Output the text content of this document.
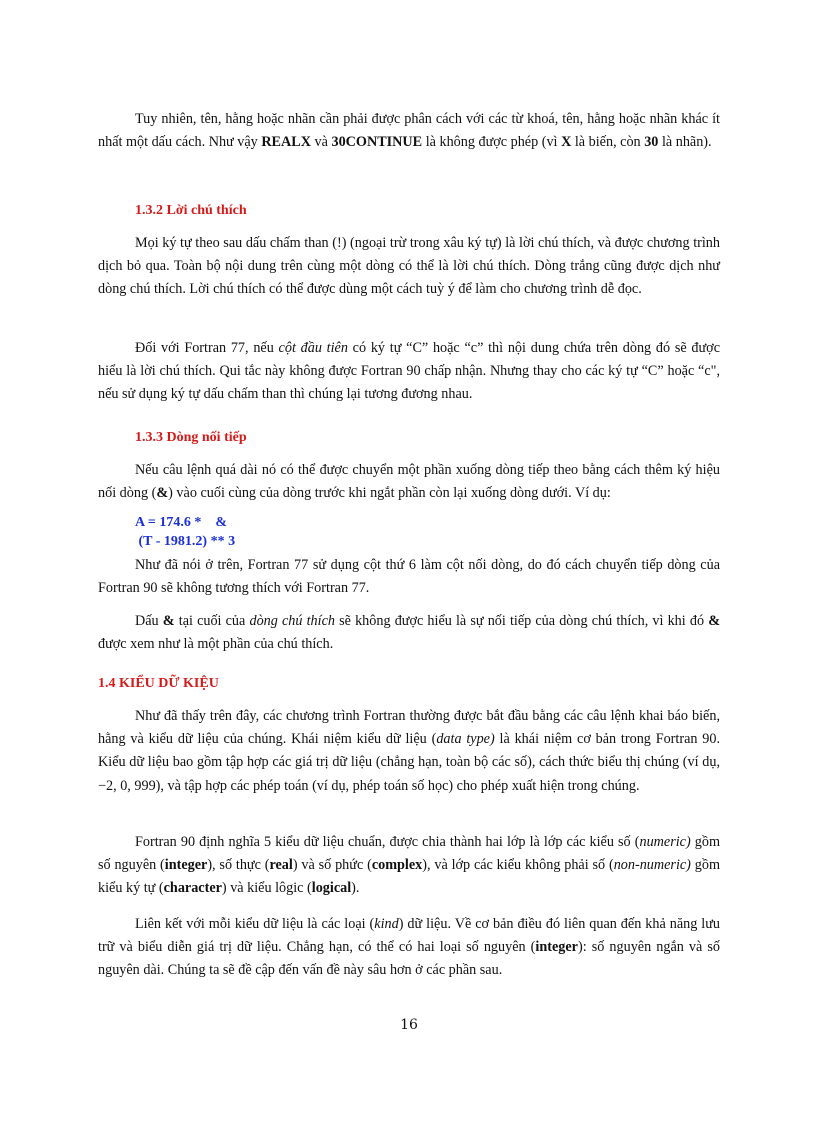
Tuy nhiên, tên, hằng hoặc nhãn cần phải được phân cách với các từ khoá, tên, hằng hoặc nhãn khác ít nhất một dấu cách. Như vậy REALX và 30CONTINUE là không được phép (vì X là biến, còn 30 là nhãn).

1.3.2 Lời chú thích

Mọi ký tự theo sau dấu chấm than (!) (ngoại trừ trong xâu ký tự) là lời chú thích, và được chương trình dịch bỏ qua. Toàn bộ nội dung trên cùng một dòng có thể là lời chú thích. Dòng trắng cũng được dịch như dòng chú thích. Lời chú thích có thể được dùng một cách tuỳ ý để làm cho chương trình dễ đọc.

Đối với Fortran 77, nếu cột đầu tiên có ký tự “C” hoặc “c” thì nội dung chứa trên dòng đó sẽ được hiểu là lời chú thích. Qui tắc này không được Fortran 90 chấp nhận. Nhưng thay cho các ký tự “C” hoặc “c", nếu sử dụng ký tự dấu chấm than thì chúng lại tương đương nhau.

1.3.3 Dòng nối tiếp

Nếu câu lệnh quá dài nó có thể được chuyển một phần xuống dòng tiếp theo bằng cách thêm ký hiệu nối dòng (&) vào cuối cùng của dòng trước khi ngắt phần còn lại xuống dòng dưới. Ví dụ:

A = 174.6 *    &
(T - 1981.2) ** 3

Như đã nói ở trên, Fortran 77 sử dụng cột thứ 6 làm cột nối dòng, do đó cách chuyển tiếp dòng của Fortran 90 sẽ không tương thích với Fortran 77.

Dấu & tại cuối của dòng chú thích sẽ không được hiểu là sự nối tiếp của dòng chú thích, vì khi đó & được xem như là một phần của chú thích.

1.4 KIỂU DỮ KIỆU

Như đã thấy trên đây, các chương trình Fortran thường được bắt đầu bằng các câu lệnh khai báo biến, hằng và kiểu dữ liệu của chúng. Khái niệm kiểu dữ liệu (data type) là khái niệm cơ bản trong Fortran 90. Kiểu dữ liệu bao gồm tập hợp các giá trị dữ liệu (chẳng hạn, toàn bộ các số), cách thức biểu thị chúng (ví dụ, −2, 0, 999), và tập hợp các phép toán (ví dụ, phép toán số học) cho phép xuất hiện trong chúng.

Fortran 90 định nghĩa 5 kiểu dữ liệu chuẩn, được chia thành hai lớp là lớp các kiểu số (numeric) gồm số nguyên (integer), số thực (real) và số phức (complex), và lớp các kiểu không phải số (non-numeric) gồm kiểu ký tự (character) và kiểu lôgic (logical).

Liên kết với mỗi kiểu dữ liệu là các loại (kind) dữ liệu. Về cơ bản điều đó liên quan đến khả năng lưu trữ và biểu diễn giá trị dữ liệu. Chẳng hạn, có thể có hai loại số nguyên (integer): số nguyên ngắn và số nguyên dài. Chúng ta sẽ đề cập đến vấn đề này sâu hơn ở các phần sau.

16
